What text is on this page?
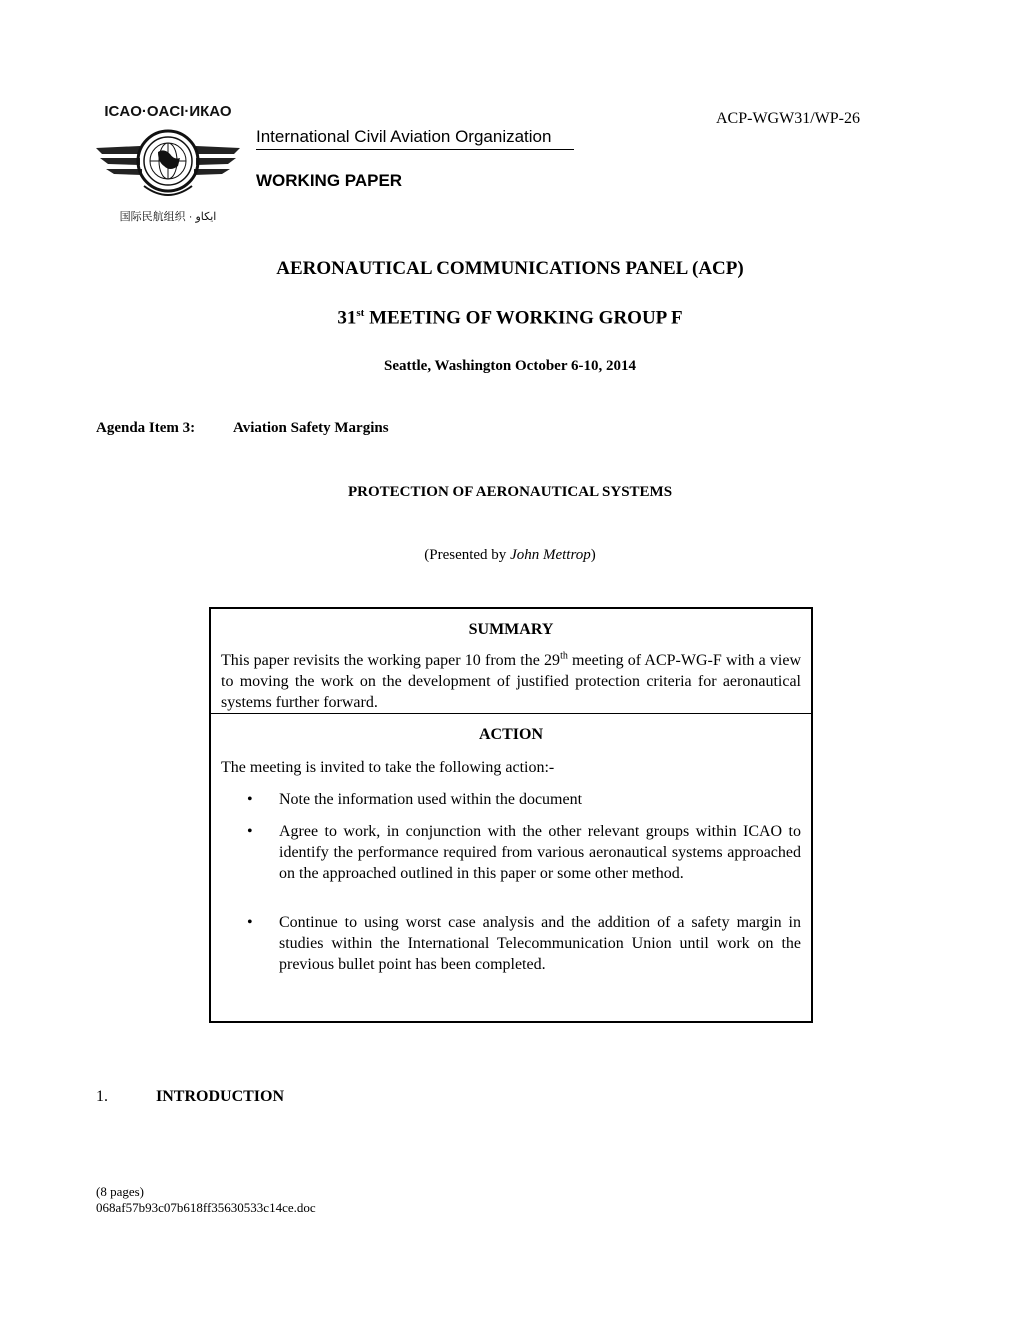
ICAO·OACI·ИКАО
国际民航组织 · ايكاو
ACP-WGW31/WP-26
International Civil Aviation Organization
WORKING PAPER
AERONAUTICAL COMMUNICATIONS PANEL (ACP)
31st MEETING OF WORKING GROUP F
Seattle, Washington October 6-10, 2014
Agenda Item 3:	Aviation Safety Margins
PROTECTION OF AERONAUTICAL SYSTEMS
(Presented by John Mettrop)
SUMMARY
This paper revisits the working paper 10 from the 29th meeting of ACP-WG-F with a view to moving the work on the development of justified protection criteria for aeronautical systems further forward.
ACTION
The meeting is invited to take the following action:-
•	Note the information used within the document
•	Agree to work, in conjunction with the other relevant groups within ICAO to identify the performance required from various aeronautical systems approached on the approached outlined in this paper or some other method.
•	Continue to using worst case analysis and the addition of a safety margin in studies within the International Telecommunication Union until work on the previous bullet point has been completed.
1.	INTRODUCTION
(8 pages)
068af57b93c07b618ff35630533c14ce.doc
